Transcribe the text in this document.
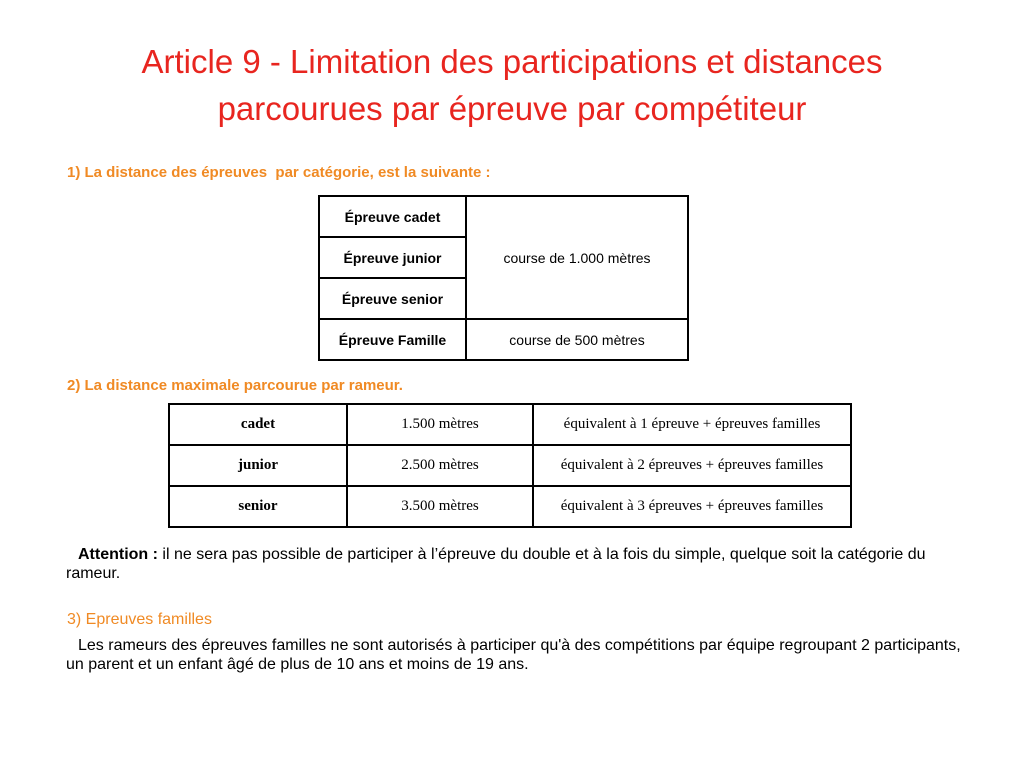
Article 9 - Limitation des participations et distances
parcourues par épreuve par compétiteur
1) La distance des épreuves  par catégorie, est la suivante :
Épreuve cadet	course de 1.000 mètres
Épreuve junior	
Épreuve senior	
Épreuve Famille	course de 500 mètres
2) La distance maximale parcourue par rameur.
cadet	1.500 mètres	équivalent à 1 épreuve + épreuves familles
junior	2.500 mètres	équivalent à 2 épreuves + épreuves familles
senior	3.500 mètres	équivalent à 3 épreuves + épreuves familles
Attention : il ne sera pas possible de participer à l’épreuve du double et à la fois du simple, quelque soit la catégorie du rameur.
3) Epreuves familles
Les rameurs des épreuves familles ne sont autorisés à participer qu'à des compétitions par équipe regroupant 2 participants, un parent et un enfant âgé de plus de 10 ans et moins de 19 ans.
